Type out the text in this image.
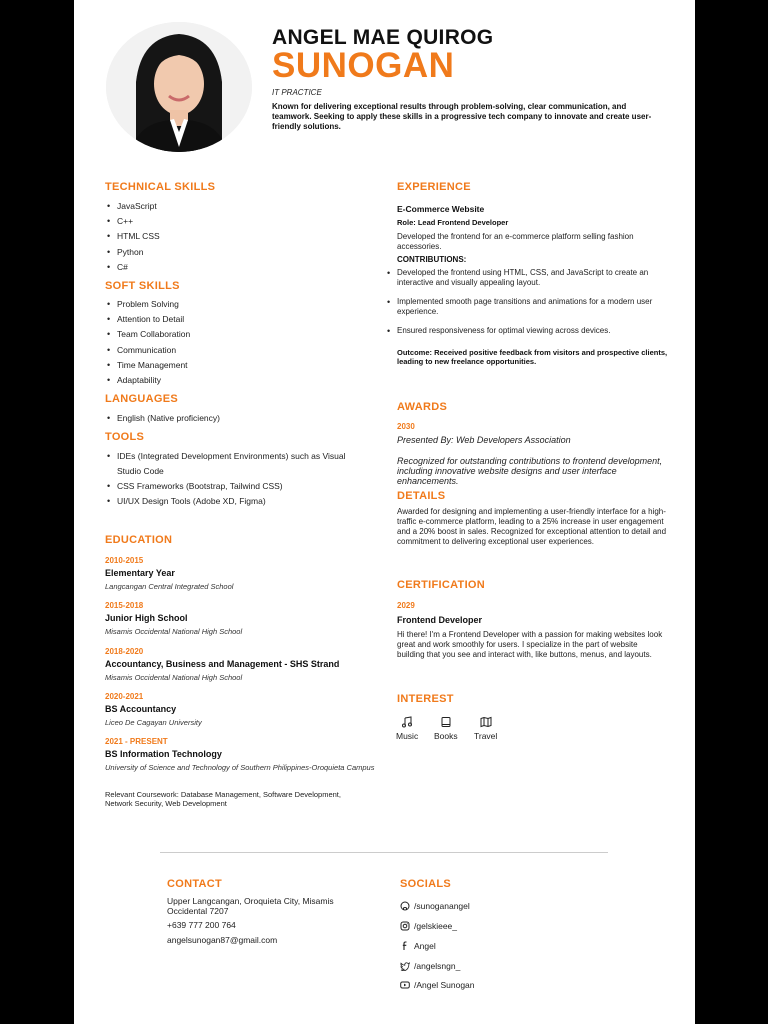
ANGEL MAE QUIROG
SUNOGAN
IT PRACTICE
Known for delivering exceptional results through problem-solving, clear communication, and teamwork. Seeking to apply these skills in a progressive tech company to innovate and create user-friendly solutions.
TECHNICAL SKILLS
• JavaScript
• C++
• HTML CSS
• Python
• C#
SOFT SKILLS
• Problem Solving
• Attention to Detail
• Team Collaboration
• Communication
• Time Management
• Adaptability
LANGUAGES
• English (Native proficiency)
TOOLS
• IDEs (Integrated Development Environments) such as Visual Studio Code
• CSS Frameworks (Bootstrap, Tailwind CSS)
• UI/UX Design Tools (Adobe XD, Figma)
EDUCATION
2010-2015
Elementary Year
Langcangan Central Integrated School
2015-2018
Junior High School
Misamis Occidental National High School
2018-2020
Accountancy, Business and Management - SHS Strand
Misamis Occidental National High School
2020-2021
BS Accountancy
Liceo De Cagayan University
2021 - PRESENT
BS Information Technology
University of Science and Technology of Southern Philippines-Oroquieta Campus
Relevant Coursework: Database Management, Software Development, Network Security, Web Development
EXPERIENCE
E-Commerce Website
Role: Lead Frontend Developer
Developed the frontend for an e-commerce platform selling fashion accessories.
CONTRIBUTIONS:
• Developed the frontend using HTML, CSS, and JavaScript to create an interactive and visually appealing layout.
• Implemented smooth page transitions and animations for a modern user experience.
• Ensured responsiveness for optimal viewing across devices.
Outcome: Received positive feedback from visitors and prospective clients, leading to new freelance opportunities.
AWARDS
2030
Presented By: Web Developers Association
Recognized for outstanding contributions to frontend development, including innovative website designs and user interface enhancements.
DETAILS
Awarded for designing and implementing a user-friendly interface for a high-traffic e-commerce platform, leading to a 25% increase in user engagement and a 20% boost in sales. Recognized for exceptional attention to detail and commitment to delivering exceptional user experiences.
CERTIFICATION
2029
Frontend Developer
Hi there! I'm a Frontend Developer with a passion for making websites look great and work smoothly for users. I specialize in the part of website building that you see and interact with, like buttons, menus, and layouts.
INTEREST
Music Books Travel
CONTACT
Upper Langcangan, Oroquieta City, Misamis Occidental 7207
+639 777 200 764
angelsunogan87@gmail.com
SOCIALS
/sunoganangel
/gelskieee_
Angel
/angelsngn_
/Angel Sunogan
